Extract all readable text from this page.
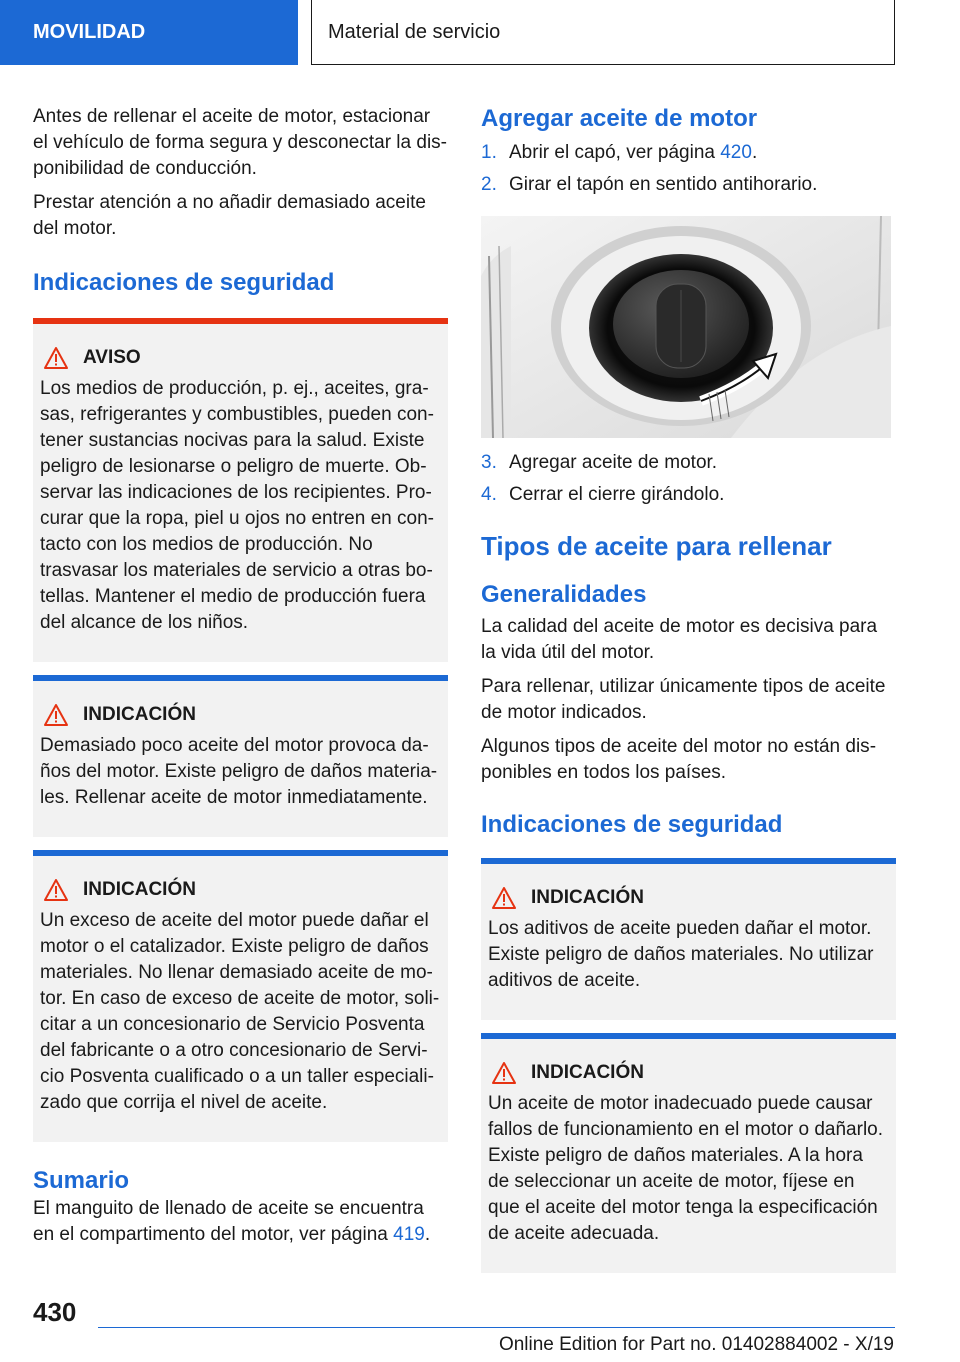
MOVILIDAD	Material de servicio

Antes de rellenar el aceite de motor, estacionar el vehículo de forma segura y desconectar la disponibilidad de conducción.

Prestar atención a no añadir demasiado aceite del motor.

Indicaciones de seguridad
AVISO
Los medios de producción, p. ej., aceites, grasas, refrigerantes y combustibles, pueden contener sustancias nocivas para la salud. Existe peligro de lesionarse o peligro de muerte. Observar las indicaciones de los recipientes. Procurar que la ropa, piel u ojos no entren en contacto con los medios de producción. No trasvasar los materiales de servicio a otras botellas. Mantener el medio de producción fuera del alcance de los niños.
INDICACIÓN
Demasiado poco aceite del motor provoca daños del motor. Existe peligro de daños materiales. Rellenar aceite de motor inmediatamente.
INDICACIÓN
Un exceso de aceite del motor puede dañar el motor o el catalizador. Existe peligro de daños materiales. No llenar demasiado aceite de motor. En caso de exceso de aceite de motor, solicitar a un concesionario de Servicio Posventa del fabricante o a otro concesionario de Servicio Posventa cualificado o a un taller especializado que corrija el nivel de aceite.
Sumario

El manguito de llenado de aceite se encuentra en el compartimento del motor, ver página 419.

Agregar aceite de motor
1. Abrir el capó, ver página 420.
2. Girar el tapón en sentido antihorario.
3. Agregar aceite de motor.
4. Cerrar el cierre girándolo.
Tipos de aceite para rellenar
Generalidades

La calidad del aceite de motor es decisiva para la vida útil del motor.

Para rellenar, utilizar únicamente tipos de aceite de motor indicados.

Algunos tipos de aceite del motor no están disponibles en todos los países.

Indicaciones de seguridad
INDICACIÓN
Los aditivos de aceite pueden dañar el motor. Existe peligro de daños materiales. No utilizar aditivos de aceite.
INDICACIÓN
Un aceite de motor inadecuado puede causar fallos de funcionamiento en el motor o dañarlo. Existe peligro de daños materiales. A la hora de seleccionar un aceite de motor, fíjese en que el aceite del motor tenga la especificación de aceite adecuada.
430
Online Edition for Part no. 01402884002 - X/19
